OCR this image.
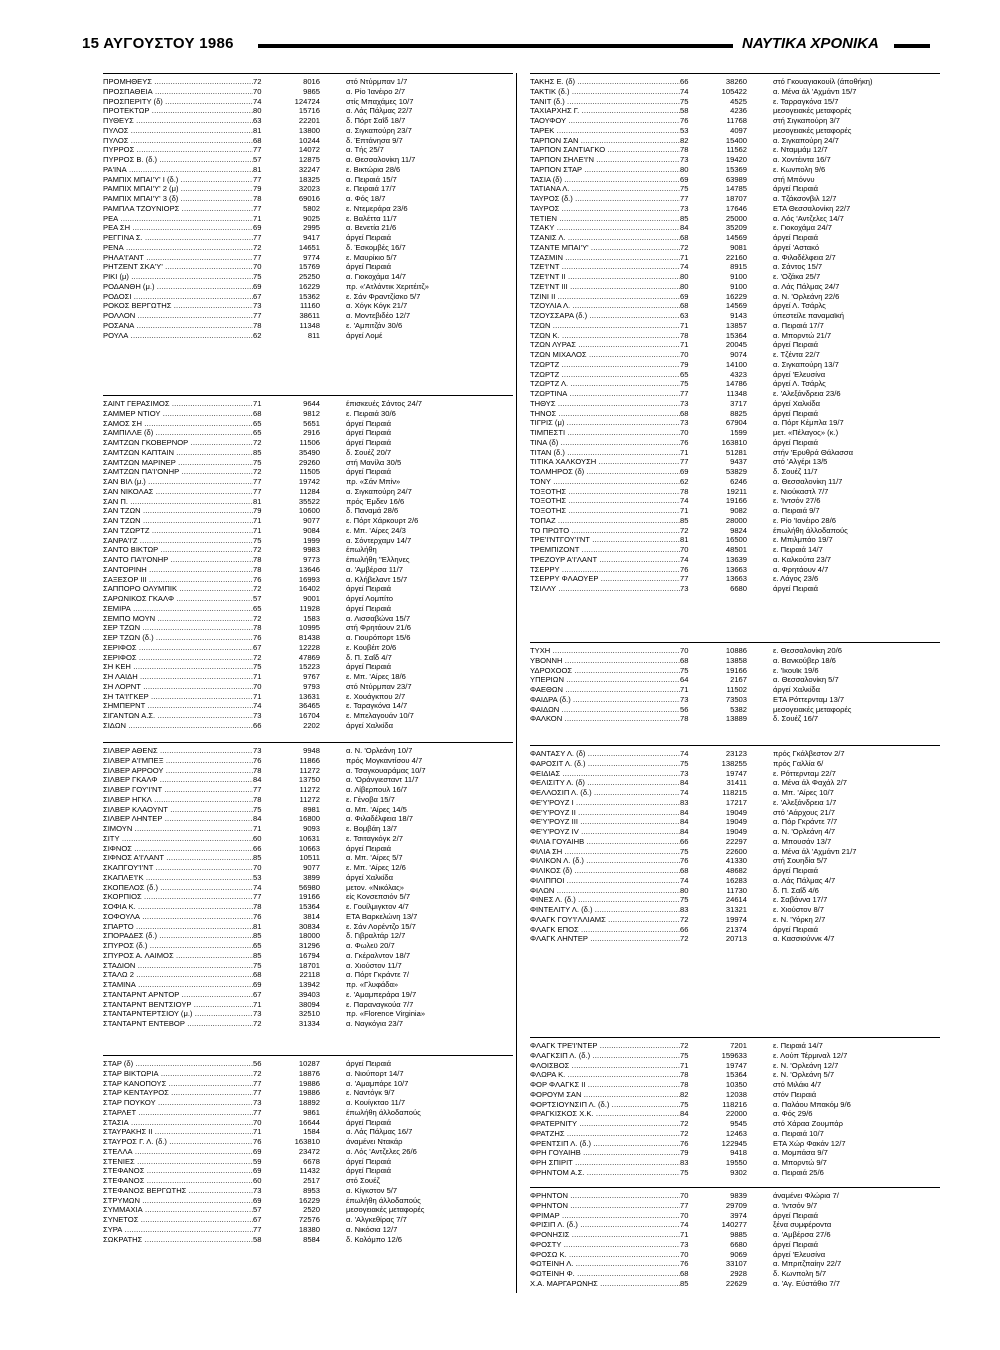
15 ΑΥΓΟΥΣΤΟΥ 1986	ΝΑΥΤΙΚΑ ΧΡΟΝΙΚΑ
ΠΡΟΜΗΘΕΥΣ .....	72	8016	στό Ντύρμπαν 1/7
ΠΡΟΣΠΑΘΕΙΑ .....	70	9865	α. Ρίο Ίανέιρο 2/7
ΠΡΟΣΠΕΡΙΤΥ (δ) .....	74	124724	στίς Μπαχάμες 10/7
ΠΡΟΤΕΚΤΩΡ .....	80	15716	α. Λάς Πάλμας 22/7
ΠΥΘΕΥΣ .....	63	22201	δ. Πόρτ Σαΐδ 18/7
ΠΥΛΟΣ .....	81	13800	α. Σιγκαπούρη 23/7
ΠΥΛΟΣ .....	68	10244	δ. Έπτάνησα 9/7
ΠΥΡΡΟΣ .....	77	14072	α. Τής 25/7
ΠΥΡΡΟΣ Β. (δ.) .....	57	12875	α. Θεσσαλονίκη 11/7
ΡΑ'ΙΝΑ .....	81	32247	ε. Βικτώρια 28/6
ΡΑΜΠΙΧ ΜΠΑΙ'Υ' Ι (δ.) .....	77	18325	α. Πειραιά 15/7
ΡΑΜΠΙΧ ΜΠΑΙ'Υ' 2 (μ) .....	79	32023	ε. Πειραιά 17/7
ΡΑΜΠΙΧ ΜΠΑΙ'Υ' 3 (δ) .....	78	69016	α. Φός 18/7
ΡΑΜΠΛΑ ΤΖΟΥΝΙΟΡΣ .....	77	5802	ε. Ντεμεράρα 23/6
ΡΕΑ .....	71	9025	ε. Βαλέττα 11/7
ΡΕΑ ΣΗ .....	69	2995	α. Βενετία 21/6
ΡΕΓΓΙΝΑ Σ. .....	77	9417	άργεί Πειραιά
ΡΕΝΑ .....	72	14651	δ. Έσκομβές 16/7
ΡΗΛΑ'Ι'ΑΝΤ .....	77	9774	ε. Μαυρίκιο 5/7
ΡΗΤΖΕΝΤ ΣΚΑ'Υ' .....	70	15769	άργεί Πειραιά
ΡΙΚΙ (μ) .....	75	25250	α. Γιοκοχάμα 14/7
ΡΟΔΑΝΘΗ (μ.) .....	69	16229	πρ. «'Ατλάντικ Χεριτέιτζ»
ΡΟΔΟΣΙ .....	67	15362	ε. Σάν Φραντζίσκο 5/7
ΡΟΚΟΣ ΒΕΡΓΩΤΗΣ .....	73	11160	α. Χόγκ Κόγκ 21/7
ΡΟΛΛΟΝ .....	77	38611	α. Μοντεβιδέο 12/7
ΡΟΣΑΝΑ .....	78	11348	ε. 'Αμπιτζάν 30/6
ΡΟΥΛΑ .....	62	811	άργεί Λομέ
ΣΑΙΝΤ ΓΕΡΑΣΙΜΟΣ .....	71	9644	έπισκευές Σάντος 24/7
ΣΑΜΜΕΡ ΝΤΙΟΥ .....	68	9812	ε. Πειραιά 30/6
ΣΑΜΟΣ ΣΗ .....	65	5651	άργεί Πειραιά
ΣΑΜΠΙΛΛΕ (δ) .....	65	2916	άργεί Πειραιά
ΣΑΜΤΖΩΝ ΓΚΟΒΕΡΝΟΡ .....	72	11506	άργεί Πειραιά
ΣΑΜΤΖΩΝ ΚΑΠΤΑΙΝ .....	85	35490	δ. Σουέζ 20/7
ΣΑΜΤΖΩΝ ΜΑΡΙΝΕΡ .....	75	29260	στή Μανίλα 30/5
ΣΑΜΤΖΩΝ ΠΑ'Ι'ΟΝΗΡ .....	72	11505	άργεί Πειραιά
ΣΑΝ ΒΙΛ (μ.) .....	77	19742	πρ. «Σάν Μπίν»
ΣΑΝ ΝΙΚΟΛΑΣ .....	77	11284	α. Σιγκαπούρη 24/7
ΣΑΝ Π. .....	81	35522	πρός Έμδεν 16/6
ΣΑΝ ΤΖΩΝ .....	79	10600	δ. Παναμά 28/6
ΣΑΝ ΤΖΩΝ .....	71	9077	ε. Πόρτ Χάρκουρτ 2/6
ΣΑΝ ΤΖΩΡΤΖ .....	71	9084	ε. Μπ. 'Αίρες 24/3
ΣΑΝΡΑ'Ι'Ζ .....	75	1999	α. Σόντερχαμν 14/7
ΣΑΝΤΟ ΒΙΚΤΩΡ .....	72	9983	έπωλήθη
ΣΑΝΤΟ ΠΑ'Ι'ΟΝΗΡ .....	78	9773	έπωλήθη ''Ελληνες
ΣΑΝΤΟΡΙΝΗ .....	78	13646	α. 'Αμβέρσα 11/7
ΣΑΞΕΣΟΡ ΙΙΙ .....	76	16993	α. Κλήβελαντ 15/7
ΣΑΠΠΟΡΟ ΟΛΥΜΠΙΚ .....	72	16402	άργεί Πειραιά
ΣΑΡΩΝΙΚΟΣ ΓΚΑΛΦ .....	57	9001	άργεί Λομπίτο
ΣΕΜΙΡΑ .....	65	11928	άργεί Πειραιά
ΣΕΜΠΟ ΜΟΥΝ .....	72	1583	α. Λισσαβώνα 15/7
ΣΕΡ ΤΖΩΝ .....	78	10995	στή Φρητάουν 21/6
ΣΕΡ ΤΖΩΝ (δ.) .....	76	81438	α. Γιουρόπορτ 15/6
ΣΕΡΙΦΟΣ .....	67	12228	ε. Κουβέιτ 20/6
ΣΕΡΙΦΟΣ .....	72	47869	δ. Π. Σαΐδ 4/7
ΣΗ ΚΕΗ .....	75	15223	άργεί Πειραιά
ΣΗ ΛΑΙΔΗ .....	71	9767	ε. Μπ. 'Αίρες 18/6
ΣΗ ΛΟΡΝΤ .....	70	9793	στό Ντύρμπαν 23/7
ΣΗ ΤΑ'Ι'ΓΚΕΡ .....	71	13631	ε. Χουάγκπου 2/7
ΣΗΜΠΕΡΝΤ .....	74	36465	ε. Ταραγκόνα 14/7
ΣΙΓΑΝΤΩΝ Α.Σ. .....	73	16704	ε. Μπελαγουάν 10/7
ΣΙΔΩΝ .....	66	2202	άργεί Χαλκίδα
ΣΙΛΒΕΡ ΑΘΕΝΣ .....	73	9948	α. Ν. 'Ορλεάνη 10/7
ΣΙΛΒΕΡ Α'Ι'ΜΠΕΞ .....	76	11866	πρός Μογκαντίσου 4/7
ΣΙΛΒΕΡ ΑΡΡΟΟΥ .....	78	11272	α. Τσαγκουαράμας 10/7
ΣΙΛΒΕΡ ΓΚΑΛΦ .....	84	13750	α. 'Οράνγιεσταντ 11/7
ΣΙΛΒΕΡ ΓΟΥ'Ι'ΝΤ .....	77	11272	α. Λίβερπουλ 16/7
ΣΙΛΒΕΡ ΗΓΚΛ .....	78	11272	ε. Γένοβα 15/7
ΣΙΛΒΕΡ ΚΛΑΟΥΝΤ .....	75	8981	α. Μπ. 'Αίρες 14/5
ΣΙΛΒΕΡ ΛΗΝΤΕΡ .....	84	16800	α. Φιλαδέλφεια 18/7
ΣΙΜΟΥΝ .....	71	9093	ε. Βομβάη 13/7
ΣΙΤΥ .....	60	10631	ε. Τσιταγκόγκ 2/7
ΣΙΦΝΟΣ .....	66	10663	άργεί Πειραιά
ΣΙΦΝΟΣ Α'Ι'ΛΑΝΤ .....	85	10511	α. Μπ. 'Αίρες 5/7
ΣΚΑΠΓΟΥ'Ι'ΝΤ .....	70	9077	ε. Μπ. 'Αίρες 12/6
ΣΚΑΠΛΕ'Ι'Κ .....	53	3899	άργεί Χαλκίδα
ΣΚΟΠΕΛΟΣ (δ.) .....	74	56980	μετον. «Νικόλας»
ΣΚΟΡΠΙΟΣ .....	77	19166	είς Κονσεπσιόν 5/7
ΣΟΦΙΑ Κ. .....	78	15364	ε. Γουίλμιγκτον 4/7
ΣΟΦΟΥΛΑ .....	76	3814	ΕΤΑ Βαρκελώνη 13/7
ΣΠΑΡΤΟ .....	81	30834	ε. Σάν Λορέντζο 15/7
ΣΠΟΡΑΔΕΣ (δ.) .....	85	18000	δ. Γιβραλτάρ 12/7
ΣΠΥΡΟΣ (δ.) .....	65	31296	α. Φωλεϋ 20/7
ΣΠΥΡΟΣ Α. ΛΑΙΜΟΣ .....	85	16794	α. Γκέραλντον 18/7
ΣΤΑΔΙΟΝ .....	75	18701	α. Χιούστον 11/7
ΣΤΑΛΩ 2 .....	68	22118	α. Πόρτ Γκράντε 7/
ΣΤΑΜΙΝΑ .....	69	13942	πρ. «Γλυφάδα»
ΣΤΑΝΤΑΡΝΤ ΑΡΝΤΟΡ .....	67	39403	ε. 'Αμαμπεράρα 19/7
ΣΤΑΝΤΑΡΝΤ ΒΕΝΤΣΙΟΥΡ .....	71	38094	ε. Παραναγκούα 7/7
ΣΤΑΝΤΑΡΝΤΕΡΤΣΙΟΥ (μ.) .....	73	32510	πρ. «Florence Virginia»
ΣΤΑΝΤΑΡΝΤ ΕΝΤΕΒΟΡ .....	72	31334	α. Ναγκόγια 23/7
ΣΤΑΡ (δ) .....	56	10287	άργεί Πειραιά
ΣΤΑΡ ΒΙΚΤΩΡΙΑ .....	72	18876	α. Νιούπορτ 14/7
ΣΤΑΡ ΚΑΝΟΠΟΥΣ .....	77	19886	α. 'Αμαμπάρε 10/7
ΣΤΑΡ ΚΕΝΤΑΥΡΟΣ .....	77	19886	ε. Ναντόγκ 9/7
ΣΤΑΡ ΠΟΥΚΟΥ .....	73	18892	α. Κουίγκταο 11/7
ΣΤΑΡΛΕΤ .....	77	9861	έπωλήθη άλλοδαπούς
ΣΤΑΣΙΑ .....	70	16644	άργεί Πειραιά
ΣΤΑΥΡΑΚΗΣ ΙΙ .....	71	1584	α. Λάς Πάλμας 16/7
ΣΤΑΥΡΟΣ Γ. Λ. (δ.) .....	76	163810	άναμένει Ντακάρ
ΣΤΕΛΛΑ .....	69	23472	α. Λός 'Αντζελες 26/6
ΣΤΕΝΙΕΣ .....	59	6678	άργεί Πειραιά
ΣΤΕΦΑΝΟΣ .....	69	11432	άργεί Πειραιά
ΣΤΕΦΑΝΟΣ .....	60	2517	στό Σουέζ
ΣΤΕΦΑΝΟΣ ΒΕΡΓΩΤΗΣ .....	73	8953	α. Κίγκστον 5/7
ΣΤΡΥΜΩΝ .....	69	16229	έπωλήθη άλλοδαπούς
ΣΥΜΜΑΧΙΑ .....	57	2520	μεσογειακές μεταφορές
ΣΥΝΕΤΟΣ .....	67	72576	α. 'Αλγκεθίρας 7/7
ΣΥΡΑ .....	77	18380	α. Νικόσια 12/7
ΣΩΚΡΑΤΗΣ .....	58	8584	δ. Κολόμπο 12/6
ΤΑΚΗΣ Ε. (δ) .....	66	38260	στό Γκουαγιακουίλ (άποθήκη)
ΤΑΚΤΙΚ (δ.) .....	74	105422	α. Μένα άλ 'Αχμάντι 15/7
ΤΑΝΙΤ (δ.) .....	75	4525	ε. Ταρραγκόνα 15/7
ΤΑΧΙΑΡΧΗΣ Γ. .....	58	4236	μεσογειακές μεταφορές
ΤΑΟΥΦΟΥ .....	76	11768	στή Σιγκαπούρη 3/7
ΤΑΡΕΚ .....	53	4097	μεσογειακές μεταφορές
ΤΑΡΠΟΝ ΣΑΝ .....	82	15400	α. Σιγκαπούρη 24/7
ΤΑΡΠΟΝ ΣΑΝΤΙΑΓΚΟ .....	78	11562	ε. Νταμμάμ 12/7
ΤΑΡΠΟΝ ΣΗΛΕ'Ι'Ν .....	73	19420	α. Χοντέιντα 16/7
ΤΑΡΠΟΝ ΣΤΑΡ .....	80	15369	ε. Κωνπολη 9/6
ΤΑΣΙΑ (δ) .....	69	63989	στή Μπόννυ
ΤΑΤΙΑΝΑ Λ. .....	75	14785	άργεί Πειραιά
ΤΑΥΡΟΣ (δ.) .....	77	18707	α. Τζάκσονβιλ 12/7
ΤΑΥΡΟΣ .....	73	17646	ΕΤΑ Θεσσαλονίκη 22/7
ΤΕΤΙΕΝ .....	85	25000	α. Λός 'Αντζελες 14/7
ΤΖΑΚΥ .....	84	35209	ε. Γιοκοχάμα 24/7
ΤΖΑΝΙΣ Λ. .....	68	14569	άργεί Πειραιά
ΤΖΑΝΤΕ ΜΠΑΙ'Υ' .....	72	9081	άργεί 'Αστακό
ΤΖΑΣΜΙΝ .....	71	22160	α. Φιλαδέλφεια 2/7
ΤΖΕ'Ι'ΝΤ .....	74	8915	α. Σάντος 15/7
ΤΖΕ'Ι'ΝΤ ΙΙ .....	80	9100	ε. 'Οζάκα 25/7
ΤΖΕ'Ι'ΝΤ ΙΙΙ .....	80	9100	α. Λάς Πάλμας 24/7
ΤΖΙΝΙ ΙΙ .....	69	16229	α. Ν. 'Ορλεάνη 22/6
ΤΖΟΥΛΙΑ Λ. .....	68	14569	άργεί Λ. Τσάρλς
ΤΖΟΥΣΣΑΡΑ (δ.) .....	63	9143	ύπεστείλε παναμαϊκή
ΤΖΩΝ .....	71	13857	α. Πειραιά 17/7
ΤΖΩΝ Κ. .....	78	15364	α. Μπορντώ 21/7
ΤΖΩΝ ΛΥΡΑΣ .....	71	20045	άργεί Πειραιά
ΤΖΩΝ ΜΙΧΑΛΟΣ .....	70	9074	ε. Τζέντα 22/7
ΤΖΩΡΤΖ .....	79	14100	α. Σιγκαπούρη 13/7
ΤΖΩΡΤΖ .....	65	4323	άργεί 'Ελευσίνα
ΤΖΩΡΤΖ Λ. .....	75	14786	άργεί Λ. Τσάρλς
ΤΖΩΡΤΙΝΑ .....	77	11348	ε. 'Αλεξάνδρεια 23/6
ΤΗΘΥΣ .....	73	3717	άργεί Χαλκίδα
ΤΗΝΟΣ .....	68	8825	άργεί Πειραιά
ΤΙΓΡΙΣ (μ) .....	73	67904	α. Πόρτ Κέμπλα 19/7
ΤΙΜΠΕΣΤΙ .....	70	1599	μετ. «Πέλαγος» (κ.)
ΤΙΝΑ (δ) .....	76	163810	άργεί Πειραιά
ΤΙΤΑΝ (δ.) .....	71	51281	στήν 'Ερυθρά Θάλασσα
ΤΙΤΙΚΑ ΧΑΛΚΟΥΣΗ .....	77	9437	στό 'Αλγέρι 13/5
ΤΟΛΜΗΡΟΣ (δ) .....	69	53829	δ. Σουέζ 11/7
ΤΟΝΥ .....	62	6246	α. Θεσσαλονίκη 11/7
ΤΟΞΟΤΗΣ .....	78	19211	ε. Νιούκαστλ 7/7
ΤΟΞΟΤΗΣ .....	74	19166	ε. 'Ιντσόν 27/6
ΤΟΞΟΤΗΣ .....	71	9082	α. Πειραιά 9/7
ΤΟΠΑΖ .....	85	28000	ε. Ρίο 'Ιανέιρο 28/6
ΤΟ ΠΡΩΤΟ .....	72	9824	έπωλήθη άλλοδαπούς
ΤΡΕ'Ι'ΝΤΓΟΥ'Ι'ΝΤ .....	81	16500	ε. Μπιλμπάο 19/7
ΤΡΕΜΠΙΖΟΝΤ .....	70	48501	ε. Πειραιά 14/7
ΤΡΕΖΟΥΡ Α'Ι'ΛΑΝΤ .....	74	13639	α. Καλκούτα 23/7
ΤΣΕΡΡΥ .....	76	13663	α. Φρητάουν 4/7
ΤΣΕΡΡΥ ΦΛΑΟΥΕΡ .....	77	13663	ε. Λάγος 23/6
ΤΣΙΛΛΥ .....	73	6680	άργεί Πειραιά
ΤΥΧΗ .....	70	10886	ε. Θεσσαλονίκη 20/6
ΥΒΟΝΝΗ .....	68	13858	α. Βανκούβερ 18/6
ΥΔΡΟΧΟΟΣ .....	75	19166	ε. 'Ικουϊκ 19/6
ΥΠΕΡΙΩΝ .....	64	2167	α. Θεσσαλονίκη 5/7
ΦΑΕΘΩΝ .....	71	11502	άργεί Χαλκίδα
ΦΑΙΔΡΑ (δ.) .....	73	73503	ΕΤΑ Ρόττερνταμ 13/7
ΦΑΙΔΩΝ .....	56	5382	μεσογειακές μεταφορές
ΦΑΛΚΟΝ .....	78	13889	δ. Σουέζ 16/7
ΦΑΝΤΑΣΥ Λ. (δ) .....	74	23123	πρός Γκάλβεστον 2/7
ΦΑΡΟΣΙΤ Λ. (δ.) .....	75	138255	πρός Γαλλία 6/
ΦΕΙΔΙΑΣ .....	73	19747	ε. Ρόττερνταμ 22/7
ΦΕΛΙΣΙΤΥ Λ. (δ) .....	84	31411	α. Μένα άλ Φαχάλ 2/7
ΦΕΛΛΟΣΙΠ Λ. (δ.) .....	74	118215	α. Μπ. 'Αίρες 10/7
ΦΕ'Υ'ΡΟΥΖ Ι .....	83	17217	ε. 'Αλεξάνδρεια 1/7
ΦΕ'Υ'ΡΟΥΖ ΙΙ .....	84	19049	στό 'Αάρχους 21/7
ΦΕ'Υ'ΡΟΥΖ ΙΙΙ .....	84	19049	α. Πόρ Γκράντε 7/7
ΦΕ'Υ'ΡΟΥΖ IV .....	84	19049	α. Ν. 'Ορλεάνη 4/7
ΦΙΛΙΑ ΓΟΥΑΙΗΒ .....	66	22297	α. Μπουσάν 13/7
ΦΙΛΙΑ ΣΗ .....	75	22600	α. Μένα άλ 'Αχμάντι 21/7
ΦΙΛΙΚΟΝ Λ. (δ.) .....	76	41330	στή Σουηδία 5/7
ΦΙΛΙΚΟΣ (δ) .....	68	48682	άργεί Πειραιά
ΦΙΛΙΠΠΟΙ .....	74	16283	α. Λάς Πάλμας 4/7
ΦΙΛΩΝ .....	80	11730	δ. Π. Σαΐδ 4/6
ΦΙΝΕΣ Λ. (δ.) .....	75	24614	ε. Σαβάννα 17/7
ΦΙΝΤΕΛΙΤΥ Λ. (δ.) .....	83	31321	ε. Χιούστον 8/7
ΦΛΑΓΚ ΓΟΥ'Ι'ΛΛΙΑΜΣ .....	72	19974	ε. Ν. 'Υόρκη 2/7
ΦΛΑΓΚ ΕΠΟΣ .....	66	21374	άργεί Πειραιά
ΦΛΑΓΚ ΛΗΝΤΕΡ .....	72	20713	α. Κασσιούννκ 4/7
ΦΛΑΓΚ ΤΡΕ'Ι'ΝΤΕΡ .....	72	7201	ε. Πειραιά 14/7
ΦΛΑΓΚΣΙΠ Λ. (δ.) .....	75	159633	ε. Λούπ Τέρμιναλ 12/7
ΦΛΟΙΣΒΟΣ .....	71	19747	ε. Ν. 'Ορλεάνη 12/7
ΦΛΩΡΑ Κ. .....	78	15364	ε. Ν. 'Ορλεάνη 5/7
ΦΟΡ ΦΛΑΓΚΣ ΙΙ .....	78	10350	στό Μιλάκι 4/7
ΦΟΡΟΥΜ ΣΑΝ .....	82	12038	στόν Πειραιά
ΦΟΡΤΣΙΟΥΝΣΙΠ Λ. (δ.) .....	75	118216	α. Παλάου Μπακόμ 9/6
ΦΡΑΓΚΙΣΚΟΣ Χ.Κ. .....	84	22000	α. Φός 29/6
ΦΡΑΤΕΡΝΙΤΥ .....	72	9545	στό Χάραα Ζουμπάρ
ΦΡΑΤΖΗΣ .....	72	12463	α. Πειραιά 10/7
ΦΡΕΝΤΣΙΠ Λ. (δ.) .....	76	122945	ΕΤΑ Χώρ Φακάν 12/7
ΦΡΗ ΓΟΥΑΙΗΒ .....	79	9418	α. Μομπάσα 9/7
ΦΡΗ ΣΠΙΡΙΤ .....	83	19550	α. Μπορντώ 9/7
ΦΡΗΝΤΟΜ Α.Σ. .....	75	9302	α. Πειραιά 25/6
ΦΡΗΝΤΟΝ .....	70	9839	άναμένει Φλώρια 7/
ΦΡΗΝΤΟΝ .....	77	29709	α. 'Ιντσόν 9/7
ΦΡΙΜΑΡ .....	70	3974	άργεί Πειραιά
ΦΡΙΣΙΠ Λ. (δ.) .....	74	140277	ξένα συμφέροντα
ΦΡΟΝΗΣΙΣ .....	71	9885	α. 'Αμβέρσα 27/6
ΦΡΟΣΤΥ .....	73	6680	άργεί Πειραιά
ΦΡΟΣΩ Κ. .....	70	9069	άργεί 'Ελευσίνα
ΦΩΤΕΙΝΗ Λ. .....	76	33107	α. Μπριτζπαίην 22/7
ΦΩΤΕΙΝΗ Φ. .....	68	2928	δ. Κωνπολη 5/7
Χ.Α. ΜΑΡΓΑΡΩΝΗΣ .....	85	22629	α. 'Αγ. Εύστάθιο 7/7
